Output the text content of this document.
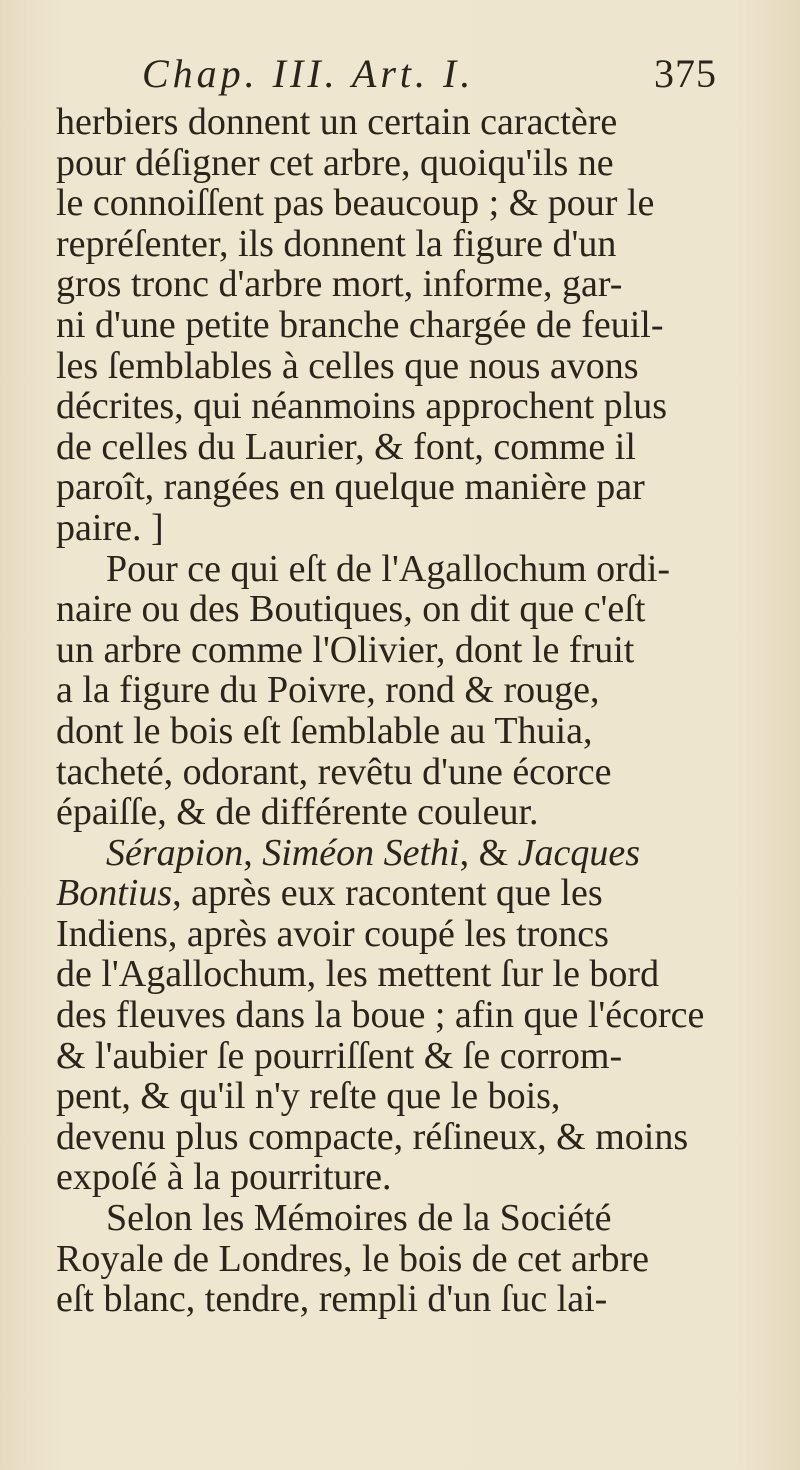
Chap. III. Art. I.	375
herbiers donnent un certain caractère
pour déſigner cet arbre, quoiqu'ils ne
le connoiſſent pas beaucoup ; & pour le
repréſenter, ils donnent la figure d'un
gros tronc d'arbre mort, informe, gar-
ni d'une petite branche chargée de feuil-
les ſemblables à celles que nous avons
décrites, qui néanmoins approchent plus
de celles du Laurier, & font, comme il
paroît, rangées en quelque manière par
paire. ]
Pour ce qui eſt de l'Agallochum ordi-
naire ou des Boutiques, on dit que c'eſt
un arbre comme l'Olivier, dont le fruit
a la figure du Poivre, rond & rouge,
dont le bois eſt ſemblable au Thuia,
tacheté, odorant, revêtu d'une écorce
épaiſſe, & de différente couleur.
Sérapion, Siméon Sethi, & Jacques
Bontius, après eux racontent que les
Indiens, après avoir coupé les troncs
de l'Agallochum, les mettent ſur le bord
des fleuves dans la boue ; afin que l'écorce
& l'aubier ſe pourriſſent & ſe corrom-
pent, & qu'il n'y reſte que le bois,
devenu plus compacte, réſineux, & moins
expoſé à la pourriture.
Selon les Mémoires de la Société
Royale de Londres, le bois de cet arbre
eſt blanc, tendre, rempli d'un ſuc lai-
